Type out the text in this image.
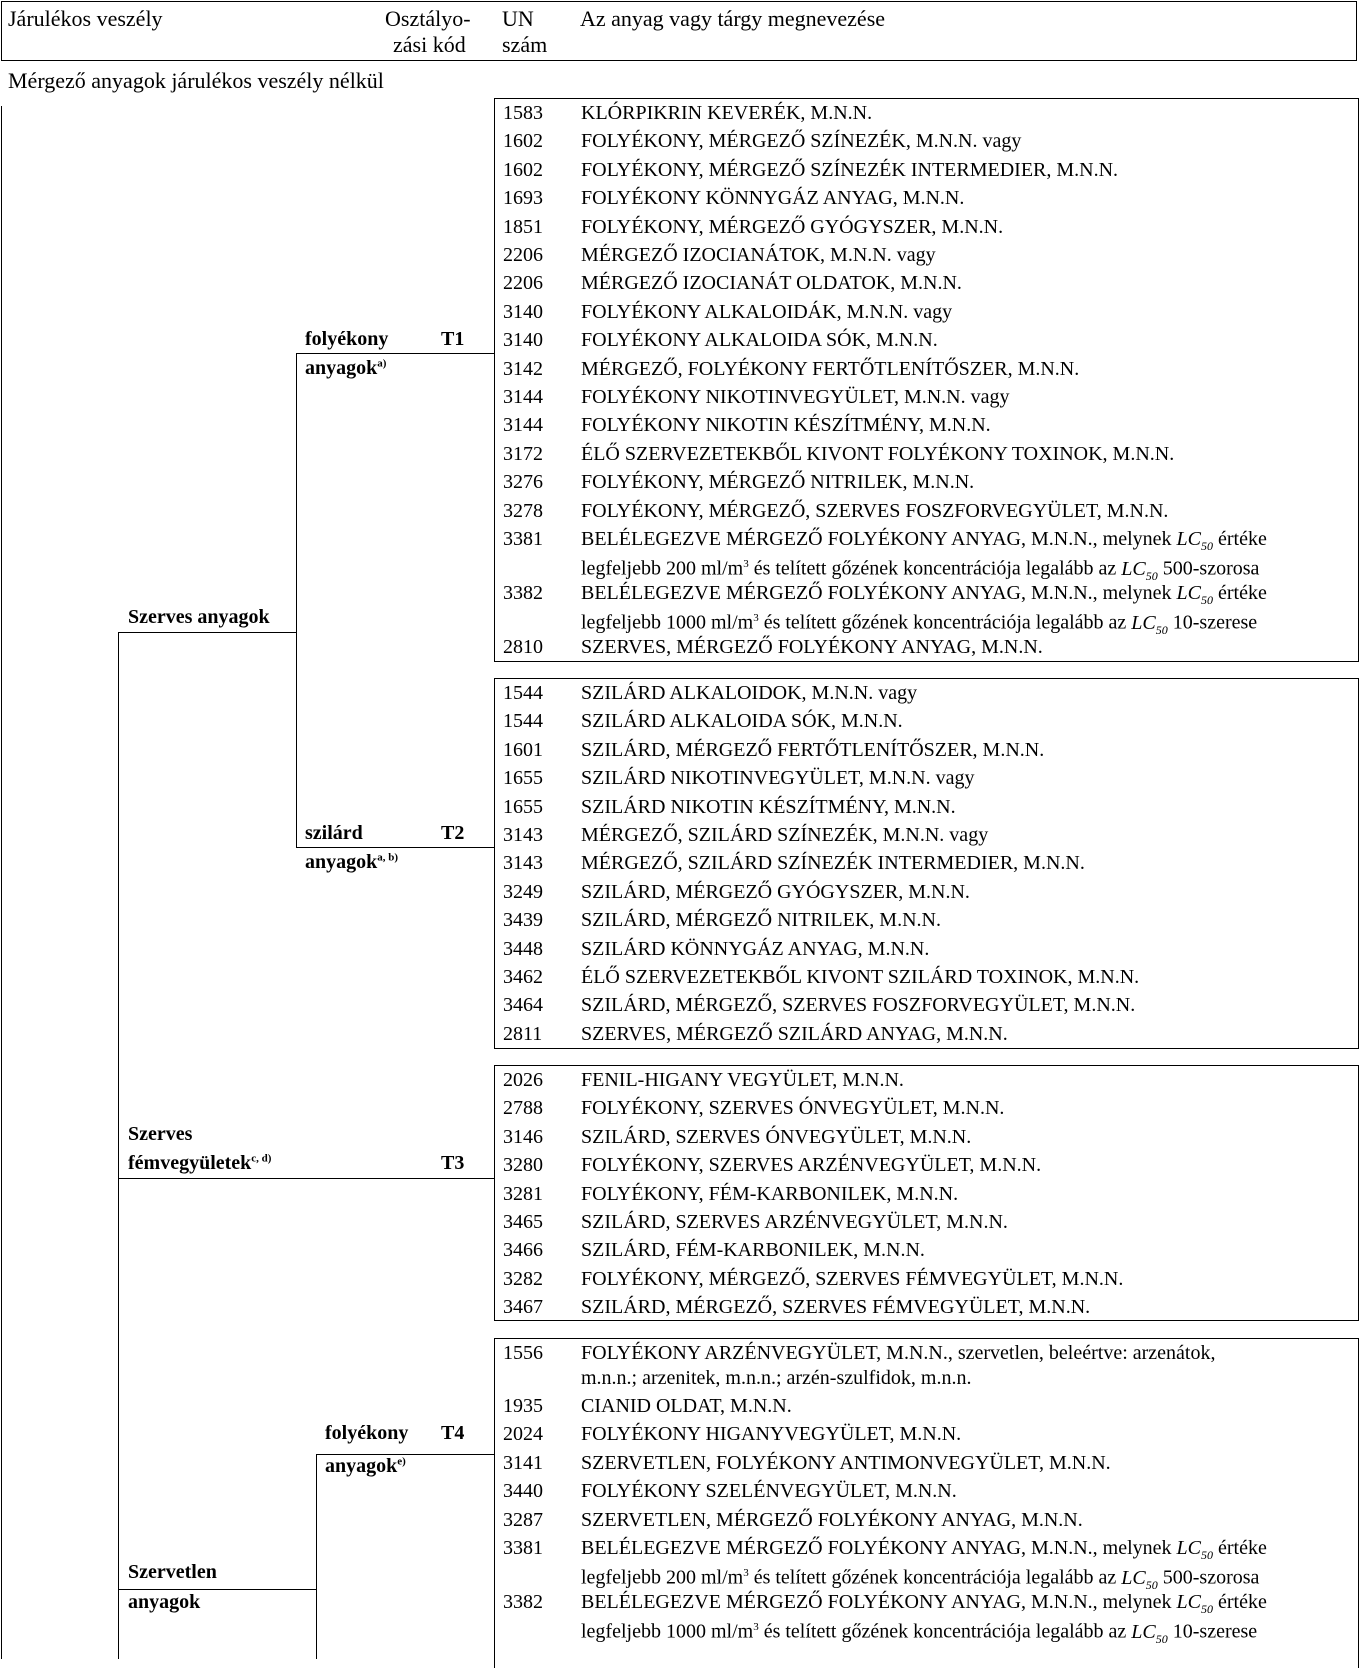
Járulékos veszély	Osztályo-
zási kód
UN
szám
Az anyag vagy tárgy megnevezése
Mérgező anyagok járulékos veszély nélkül
Szerves anyagok
folyékony
anyagok$^{a)}$
szilárd
anyagok$^{a, b)}$
Szerves
fémvegyületek$^{c, d)}$
Szervetlen
anyagok
folyékony
anyagok$^{e)}$
T1
T2
T3
T4
1583 KLÓRPIKRIN KEVERÉK, M.N.N.
1602 FOLYÉKONY, MÉRGEZŐ SZÍNEZÉK, M.N.N. vagy
1602 FOLYÉKONY, MÉRGEZŐ SZÍNEZÉK INTERMEDIER, M.N.N.
1693 FOLYÉKONY KÖNNYGÁZ ANYAG, M.N.N.
1851 FOLYÉKONY, MÉRGEZŐ GYÓGYSZER, M.N.N.
2206 MÉRGEZŐ IZOCIANÁTOK, M.N.N. vagy
2206 MÉRGEZŐ IZOCIANÁT OLDATOK, M.N.N.
3140 FOLYÉKONY ALKALOIDÁK, M.N.N. vagy
3140 FOLYÉKONY ALKALOIDA SÓK, M.N.N.
3142 MÉRGEZŐ, FOLYÉKONY FERTŐTLENÍTŐSZER, M.N.N.
3144 FOLYÉKONY NIKOTINVEGYÜLET, M.N.N. vagy
3144 FOLYÉKONY NIKOTIN KÉSZÍTMÉNY, M.N.N.
3172 ÉLŐ SZERVEZETEKBŐL KIVONT FOLYÉKONY TOXINOK, M.N.N.
3276 FOLYÉKONY, MÉRGEZŐ NITRILEK, M.N.N.
3278 FOLYÉKONY, MÉRGEZŐ, SZERVES FOSZFORVEGYÜLET, M.N.N.
3381 BELÉLEGEZVE MÉRGEZŐ FOLYÉKONY ANYAG, M.N.N., melynek $LC_{50}$ értéke
legfeljebb 200 $ml/m^3$ és telített gőzének koncentrációja legalább az $LC_{50}$ 500-szorosa
3382 BELÉLEGEZVE MÉRGEZŐ FOLYÉKONY ANYAG, M.N.N., melynek $LC_{50}$ értéke
legfeljebb 1000 $ml/m^3$ és telített gőzének koncentrációja legalább az $LC_{50}$ 10-szerese
2810 SZERVES, MÉRGEZŐ FOLYÉKONY ANYAG, M.N.N.
1544 SZILÁRD ALKALOIDOK, M.N.N. vagy
1544 SZILÁRD ALKALOIDA SÓK, M.N.N.
1601 SZILÁRD, MÉRGEZŐ FERTŐTLENÍTŐSZER, M.N.N.
1655 SZILÁRD NIKOTINVEGYÜLET, M.N.N. vagy
1655 SZILÁRD NIKOTIN KÉSZÍTMÉNY, M.N.N.
3143 MÉRGEZŐ, SZILÁRD SZÍNEZÉK, M.N.N. vagy
3143 MÉRGEZŐ, SZILÁRD SZÍNEZÉK INTERMEDIER, M.N.N.
3249 SZILÁRD, MÉRGEZŐ GYÓGYSZER, M.N.N.
3439 SZILÁRD, MÉRGEZŐ NITRILEK, M.N.N.
3448 SZILÁRD KÖNNYGÁZ ANYAG, M.N.N.
3462 ÉLŐ SZERVEZETEKBŐL KIVONT SZILÁRD TOXINOK, M.N.N.
3464 SZILÁRD, MÉRGEZŐ, SZERVES FOSZFORVEGYÜLET, M.N.N.
2811 SZERVES, MÉRGEZŐ SZILÁRD ANYAG, M.N.N.
2026 FENIL-HIGANY VEGYÜLET, M.N.N.
2788 FOLYÉKONY, SZERVES ÓNVEGYÜLET, M.N.N.
3146 SZILÁRD, SZERVES ÓNVEGYÜLET, M.N.N.
3280 FOLYÉKONY, SZERVES ARZÉNVEGYÜLET, M.N.N.
3281 FOLYÉKONY, FÉM-KARBONILEK, M.N.N.
3465 SZILÁRD, SZERVES ARZÉNVEGYÜLET, M.N.N.
3466 SZILÁRD, FÉM-KARBONILEK, M.N.N.
3282 FOLYÉKONY, MÉRGEZŐ, SZERVES FÉMVEGYÜLET, M.N.N.
3467 SZILÁRD, MÉRGEZŐ, SZERVES FÉMVEGYÜLET, M.N.N.
1556 FOLYÉKONY ARZÉNVEGYÜLET, M.N.N., szervetlen, beleértve: arzenátok,
m.n.n.; arzenitek, m.n.n.; arzén-szulfidok, m.n.n.
1935 CIANID OLDAT, M.N.N.
2024 FOLYÉKONY HIGANYVEGYÜLET, M.N.N.
3141 SZERVETLEN, FOLYÉKONY ANTIMONVEGYÜLET, M.N.N.
3440 FOLYÉKONY SZELÉNVEGYÜLET, M.N.N.
3287 SZERVETLEN, MÉRGEZŐ FOLYÉKONY ANYAG, M.N.N.
3381 BELÉLEGEZVE MÉRGEZŐ FOLYÉKONY ANYAG, M.N.N., melynek $LC_{50}$ értéke
legfeljebb 200 $ml/m^3$ és telített gőzének koncentrációja legalább az $LC_{50}$ 500-szorosa
3382 BELÉLEGEZVE MÉRGEZŐ FOLYÉKONY ANYAG, M.N.N., melynek $LC_{50}$ értéke
legfeljebb 1000 $ml/m^3$ és telített gőzének koncentrációja legalább az $LC_{50}$ 10-szerese
